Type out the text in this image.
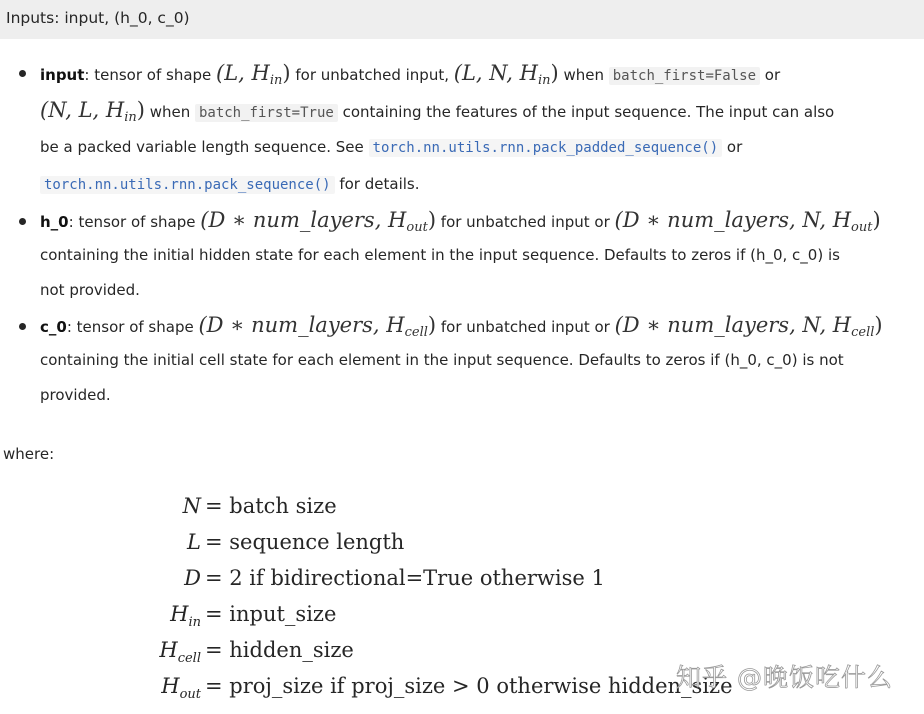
Inputs: input, (h_0, c_0)
input: tensor of shape (L, $H_{in}$) for unbatched input, (L, N, $H_{in}$) when batch_first=False or
(N, L, $H_{in}$) when batch_first=True containing the features of the input sequence. The input can also
be a packed variable length sequence. See torch.nn.utils.rnn.pack_padded_sequence() or
torch.nn.utils.rnn.pack_sequence() for details.
h_0: tensor of shape (D ∗ num_layers, $H_{out}$) for unbatched input or (D ∗ num_layers, N, $H_{out}$)
containing the initial hidden state for each element in the input sequence. Defaults to zeros if (h_0, c_0) is
not provided.
c_0: tensor of shape (D ∗ num_layers, $H_{cell}$) for unbatched input or (D ∗ num_layers, N, $H_{cell}$)
containing the initial cell state for each element in the input sequence. Defaults to zeros if (h_0, c_0) is not
provided.
where:
N = batch size
L = sequence length
D = 2 if bidirectional=True otherwise 1
$H_{in}$ = input_size
$H_{cell}$ = hidden_size
$H_{out}$ = proj_size if proj_size > 0 otherwise hidden_size
知乎 @晚饭吃什么
